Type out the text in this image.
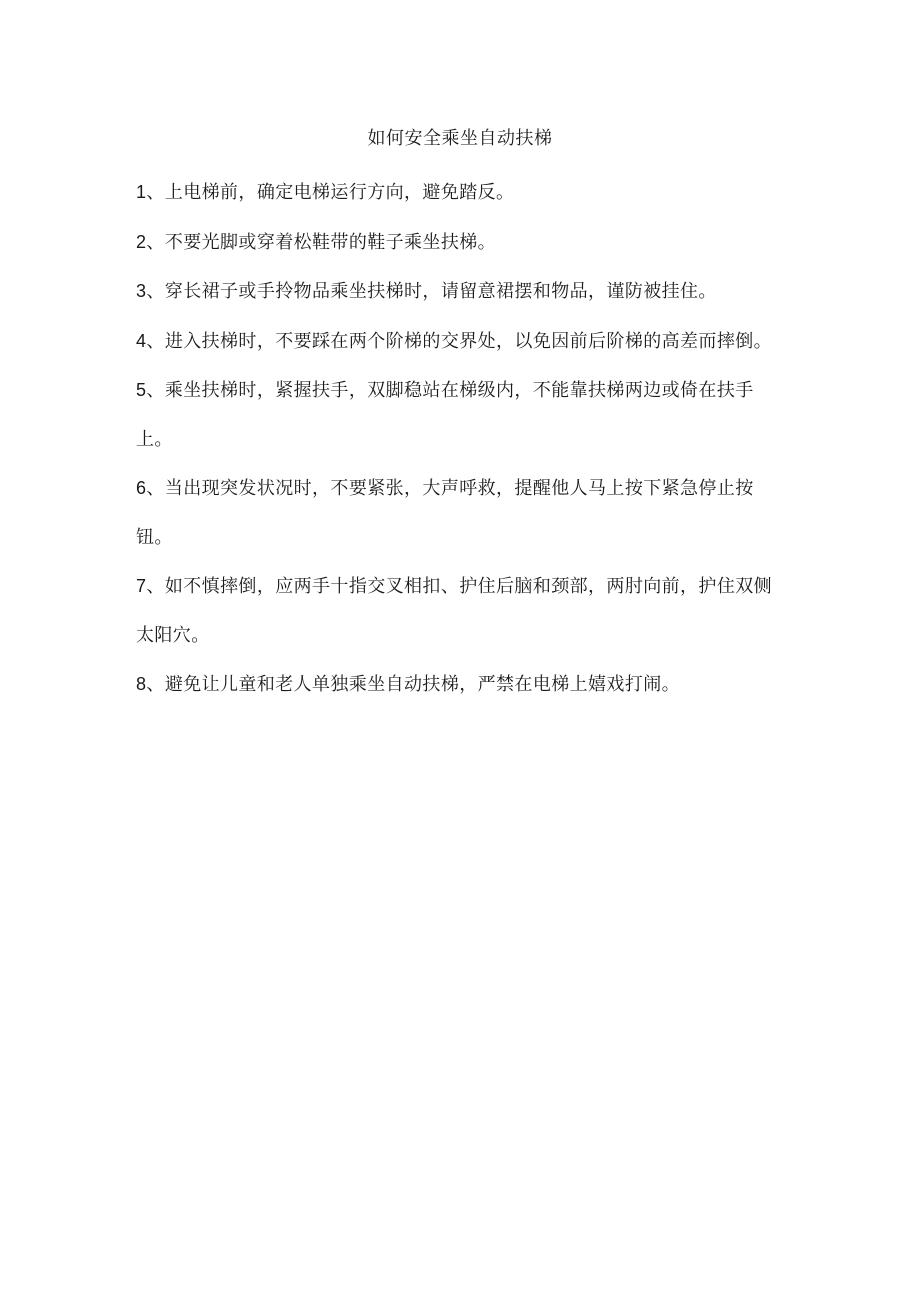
如何安全乘坐自动扶梯
1、上电梯前，确定电梯运行方向，避免踏反。
2、不要光脚或穿着松鞋带的鞋子乘坐扶梯。
3、穿长裙子或手拎物品乘坐扶梯时，请留意裙摆和物品，谨防被挂住。
4、进入扶梯时，不要踩在两个阶梯的交界处，以免因前后阶梯的高差而摔倒。
5、乘坐扶梯时，紧握扶手，双脚稳站在梯级内，不能靠扶梯两边或倚在扶手上。
6、当出现突发状况时，不要紧张，大声呼救，提醒他人马上按下紧急停止按钮。
7、如不慎摔倒，应两手十指交叉相扣、护住后脑和颈部，两肘向前，护住双侧太阳穴。
8、避免让儿童和老人单独乘坐自动扶梯，严禁在电梯上嬉戏打闹。
